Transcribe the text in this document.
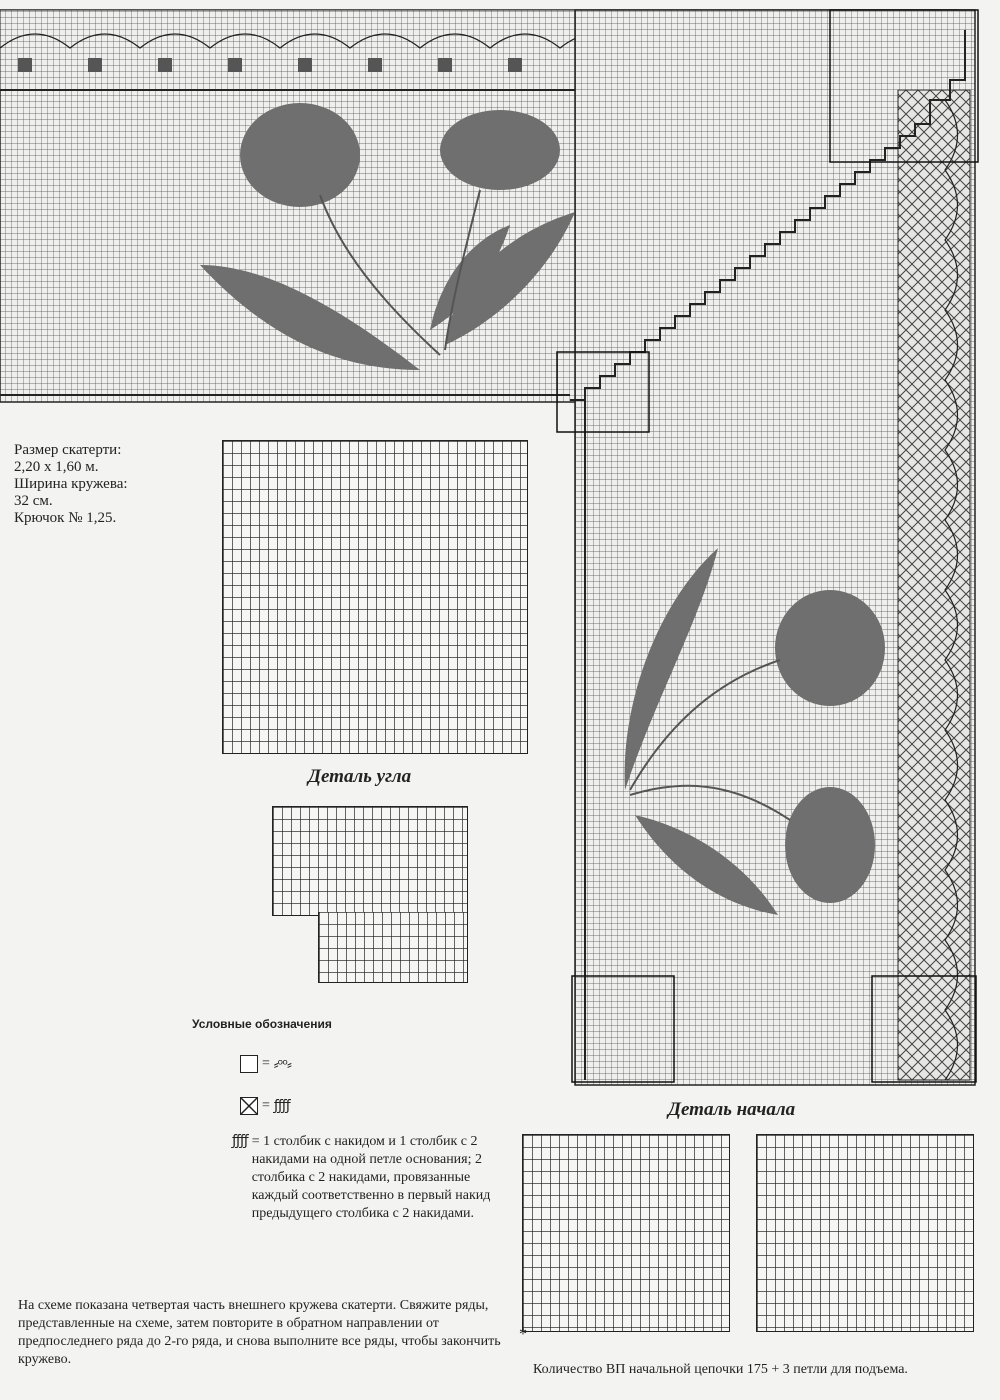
Размер скатерти:
2,20 x 1,60 м.
Ширина кружева:
32 см.
Крючок № 1,25.
Деталь угла
Условные обозначения
= ⸗ᵒᵒ⸗
= ƒƒƒƒ
ƒƒƒƒ = 1 столбик с накидом и 1 столбик с 2 накидами на одной петле основания; 2 столбика с 2 накидами, провязанные каждый соответственно в первый накид предыдущего столбика с 2 накидами.
Деталь начала
*
На схеме показана четвертая часть внешнего кружева скатерти. Свяжите ряды, представленные на схеме, затем повторите в обратном направлении от предпоследнего ряда до 2-го ряда, и снова выполните все ряды, чтобы закончить кружево.
Количество ВП начальной цепочки 175 + 3 петли для подъема.
